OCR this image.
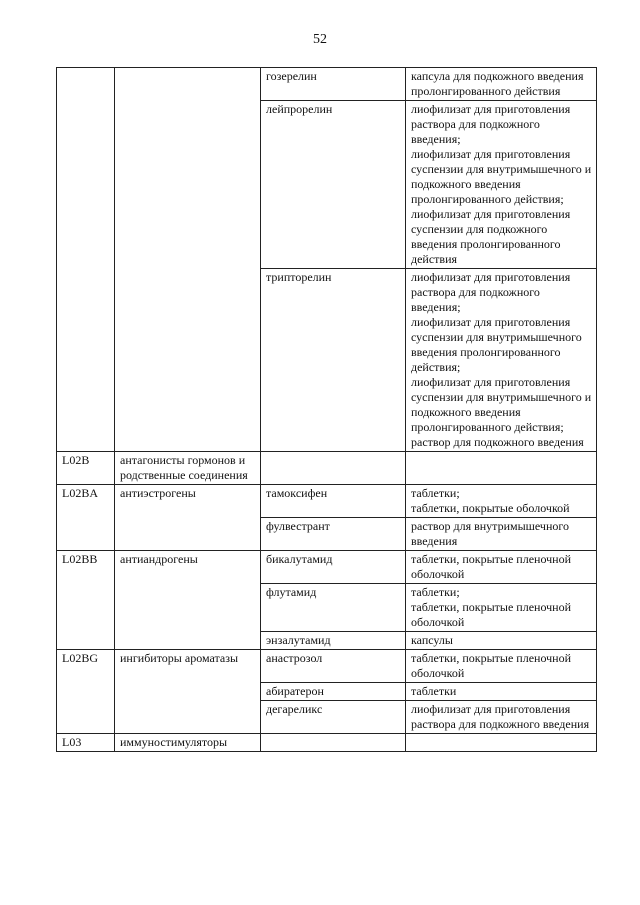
52
		гозерелин	капсула для подкожного введения пролонгированного действия

		лейпрорелин	лиофилизат для приготовления раствора для подкожного введения;
лиофилизат для приготовления суспензии для внутримышечного и подкожного введения пролонгированного действия;
лиофилизат для приготовления суспензии для подкожного введения пролонгированного действия

		трипторелин	лиофилизат для приготовления раствора для подкожного введения;
лиофилизат для приготовления суспензии для внутримышечного введения пролонгированного действия;
лиофилизат для приготовления суспензии для внутримышечного и подкожного введения пролонгированного действия;
раствор для подкожного введения

L02B	антагонисты гормонов и родственные соединения		
L02BA	антиэстрогены	тамоксифен	таблетки;
таблетки, покрытые оболочкой

		фулвестрант	раствор для внутримышечного введения

L02BB	антиандрогены	бикалутамид	таблетки, покрытые пленочной оболочкой

		флутамид	таблетки;
таблетки, покрытые пленочной оболочкой

		энзалутамид	капсулы

L02BG	ингибиторы ароматазы	анастрозол	таблетки, покрытые пленочной оболочкой

		абиратерон	таблетки

		дегареликс	лиофилизат для приготовления раствора для подкожного введения

L03	иммуностимуляторы		
